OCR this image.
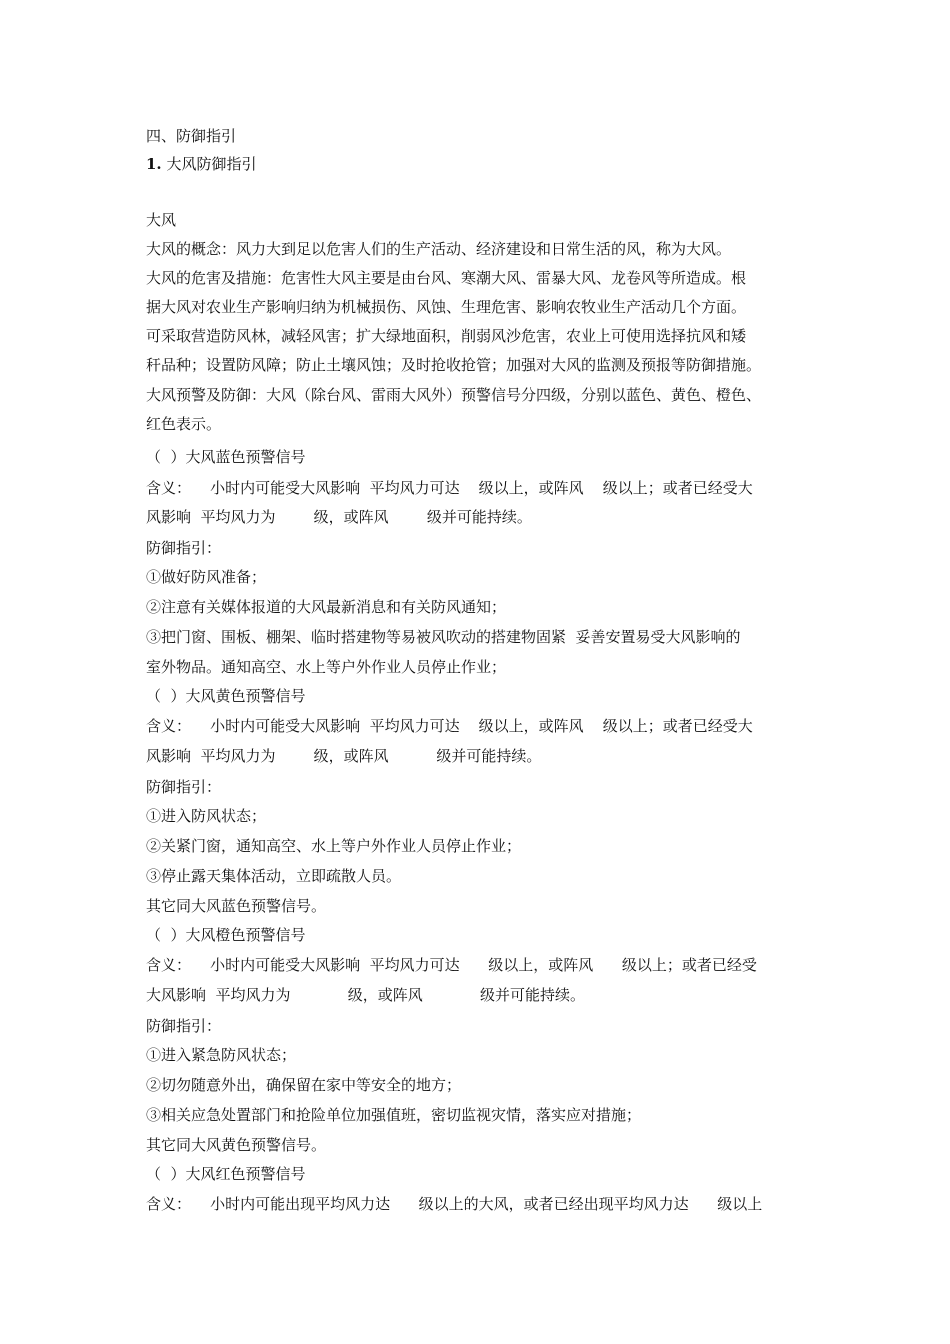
四、防御指引
1. 大风防御指引
大风
大风的概念：风力大到足以危害人们的生产活动、经济建设和日常生活的风，称为大风。
大风的危害及措施：危害性大风主要是由台风、寒潮大风、雷暴大风、龙卷风等所造成。根
据大风对农业生产影响归纳为机械损伤、风蚀、生理危害、影响农牧业生产活动几个方面。
可采取营造防风林，减轻风害；扩大绿地面积，削弱风沙危害，农业上可使用选择抗风和矮
秆品种；设置防风障；防止土壤风蚀；及时抢收抢管；加强对大风的监测及预报等防御措施。
大风预警及防御：大风（除台风、雷雨大风外）预警信号分四级，分别以蓝色、黄色、橙色、
红色表示。
（  ）大风蓝色预警信号
含义：    小时内可能受大风影响  平均风力可达    级以上，或阵风    级以上；或者已经受大
风影响  平均风力为        级，或阵风        级并可能持续。
防御指引：
①做好防风准备；
②注意有关媒体报道的大风最新消息和有关防风通知；
③把门窗、围板、棚架、临时搭建物等易被风吹动的搭建物固紧  妥善安置易受大风影响的
室外物品。通知高空、水上等户外作业人员停止作业；
（  ）大风黄色预警信号
含义：    小时内可能受大风影响  平均风力可达    级以上，或阵风    级以上；或者已经受大
风影响  平均风力为        级，或阵风          级并可能持续。
防御指引：
①进入防风状态；
②关紧门窗，通知高空、水上等户外作业人员停止作业；
③停止露天集体活动，立即疏散人员。
其它同大风蓝色预警信号。
（  ）大风橙色预警信号
含义：    小时内可能受大风影响  平均风力可达      级以上，或阵风      级以上；或者已经受
大风影响  平均风力为            级，或阵风            级并可能持续。
防御指引：
①进入紧急防风状态；
②切勿随意外出，确保留在家中等安全的地方；
③相关应急处置部门和抢险单位加强值班，密切监视灾情，落实应对措施；
其它同大风黄色预警信号。
（  ）大风红色预警信号
含义：    小时内可能出现平均风力达      级以上的大风，或者已经出现平均风力达      级以上
